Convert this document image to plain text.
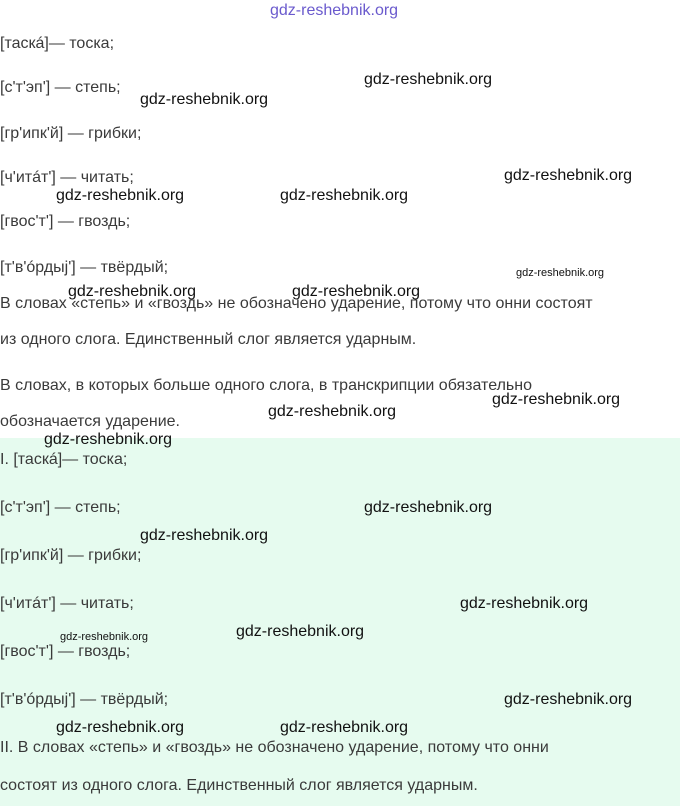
[таскá]— тоска;
[с'т'эп'] — степь;
[гр'ипк'й] — грибки;
[ч'итáт'] — читать;
[гвос'т'] — гвоздь;
[т'в'óрдыj'] — твёрдый;
В словах «степь» и «гвоздь» не обозначено ударение, потому что онни состоят
из одного слога. Единственный слог является ударным.
В словах, в которых больше одного слога, в транскрипции обязательно
обозначается ударение.
I. [таскá]— тоска;
[с'т'эп'] — степь;
[гр'ипк'й] — грибки;
[ч'итáт'] — читать;
[гвос'т'] — гвоздь;
[т'в'óрдыj'] — твёрдый;
II. В словах «степь» и «гвоздь» не обозначено ударение, потому что онни
состоят из одного слога. Единственный слог является ударным.
gdz-reshebnik.org
gdz-reshebnik.org
gdz-reshebnik.org
gdz-reshebnik.org
gdz-reshebnik.org	gdz-reshebnik.org
gdz-reshebnik.org
gdz-reshebnik.org	gdz-reshebnik.org
gdz-reshebnik.org
gdz-reshebnik.org
gdz-reshebnik.org
gdz-reshebnik.org
gdz-reshebnik.org
gdz-reshebnik.org
gdz-reshebnik.org	gdz-reshebnik.org
gdz-reshebnik.org
gdz-reshebnik.org	gdz-reshebnik.org
